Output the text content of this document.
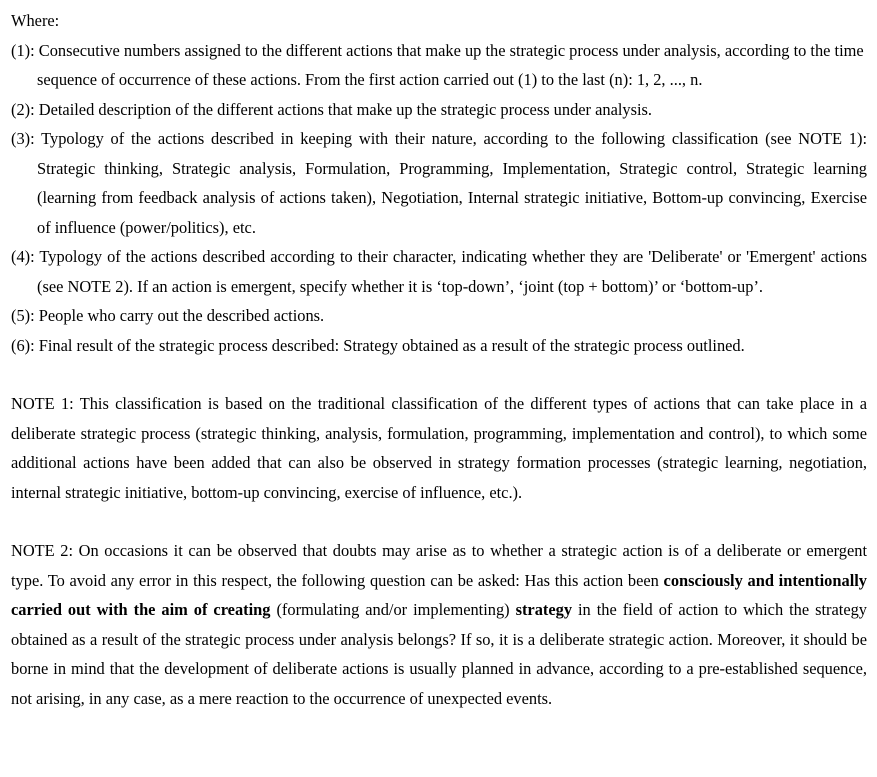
Where:

(1): Consecutive numbers assigned to the different actions that make up the strategic process under analysis, according to the time sequence of occurrence of these actions. From the first action carried out (1) to the last (n): 1, 2, ..., n.

(2): Detailed description of the different actions that make up the strategic process under analysis.

(3): Typology of the actions described in keeping with their nature, according to the following classification (see NOTE 1): Strategic thinking, Strategic analysis, Formulation, Programming, Implementation, Strategic control, Strategic learning (learning from feedback analysis of actions taken), Negotiation, Internal strategic initiative, Bottom-up convincing, Exercise of influence (power/politics), etc.

(4): Typology of the actions described according to their character, indicating whether they are 'Deliberate' or 'Emergent' actions (see NOTE 2). If an action is emergent, specify whether it is ‘top-down’, ‘joint (top + bottom)’ or ‘bottom-up’.

(5): People who carry out the described actions.

(6): Final result of the strategic process described: Strategy obtained as a result of the strategic process outlined.

NOTE 1: This classification is based on the traditional classification of the different types of actions that can take place in a deliberate strategic process (strategic thinking, analysis, formulation, programming, implementation and control), to which some additional actions have been added that can also be observed in strategy formation processes (strategic learning, negotiation, internal strategic initiative, bottom-up convincing, exercise of influence, etc.).

NOTE 2: On occasions it can be observed that doubts may arise as to whether a strategic action is of a deliberate or emergent type. To avoid any error in this respect, the following question can be asked: Has this action been consciously and intentionally carried out with the aim of creating (formulating and/or implementing) strategy in the field of action to which the strategy obtained as a result of the strategic process under analysis belongs? If so, it is a deliberate strategic action. Moreover, it should be borne in mind that the development of deliberate actions is usually planned in advance, according to a pre-established sequence, not arising, in any case, as a mere reaction to the occurrence of unexpected events.
